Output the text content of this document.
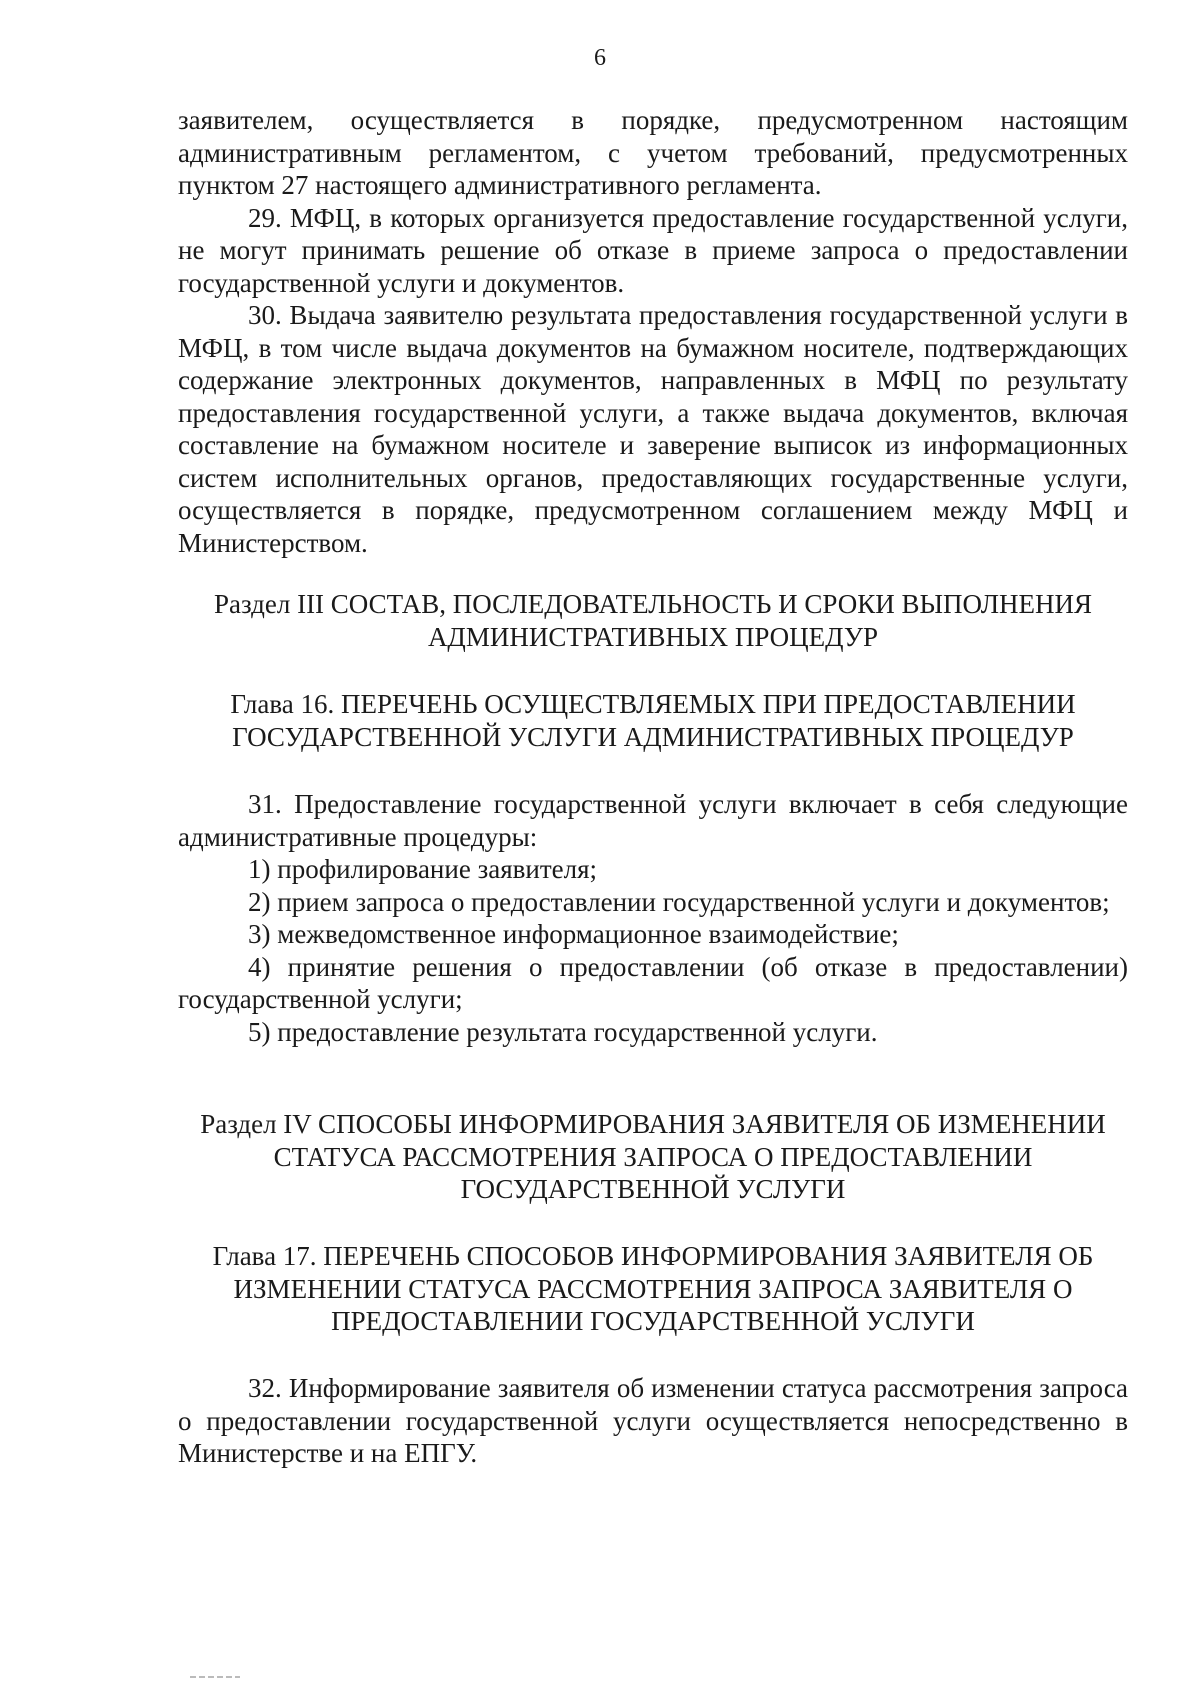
6

заявителем, осуществляется в порядке, предусмотренном настоящим административным регламентом, с учетом требований, предусмотренных пунктом 27 настоящего административного регламента.

29. МФЦ, в которых организуется предоставление государственной услуги, не могут принимать решение об отказе в приеме запроса о предоставлении государственной услуги и документов.

30. Выдача заявителю результата предоставления государственной услуги в МФЦ, в том числе выдача документов на бумажном носителе, подтверждающих содержание электронных документов, направленных в МФЦ по результату предоставления государственной услуги, а также выдача документов, включая составление на бумажном носителе и заверение выписок из информационных систем исполнительных органов, предоставляющих государственные услуги, осуществляется в порядке, предусмотренном соглашением между МФЦ и Министерством.

Раздел III СОСТАВ, ПОСЛЕДОВАТЕЛЬНОСТЬ И СРОКИ ВЫПОЛНЕНИЯ АДМИНИСТРАТИВНЫХ ПРОЦЕДУР

Глава 16. ПЕРЕЧЕНЬ ОСУЩЕСТВЛЯЕМЫХ ПРИ ПРЕДОСТАВЛЕНИИ ГОСУДАРСТВЕННОЙ УСЛУГИ АДМИНИСТРАТИВНЫХ ПРОЦЕДУР

31. Предоставление государственной услуги включает в себя следующие административные процедуры:

1) профилирование заявителя;

2) прием запроса о предоставлении государственной услуги и документов;

3) межведомственное информационное взаимодействие;

4) принятие решения о предоставлении (об отказе в предоставлении) государственной услуги;

5) предоставление результата государственной услуги.

Раздел IV СПОСОБЫ ИНФОРМИРОВАНИЯ ЗАЯВИТЕЛЯ ОБ ИЗМЕНЕНИИ СТАТУСА РАССМОТРЕНИЯ ЗАПРОСА О ПРЕДОСТАВЛЕНИИ ГОСУДАРСТВЕННОЙ УСЛУГИ

Глава 17. ПЕРЕЧЕНЬ СПОСОБОВ ИНФОРМИРОВАНИЯ ЗАЯВИТЕЛЯ ОБ ИЗМЕНЕНИИ СТАТУСА РАССМОТРЕНИЯ ЗАПРОСА ЗАЯВИТЕЛЯ О ПРЕДОСТАВЛЕНИИ ГОСУДАРСТВЕННОЙ УСЛУГИ

32. Информирование заявителя об изменении статуса рассмотрения запроса о предоставлении государственной услуги осуществляется непосредственно в Министерстве и на ЕПГУ.
